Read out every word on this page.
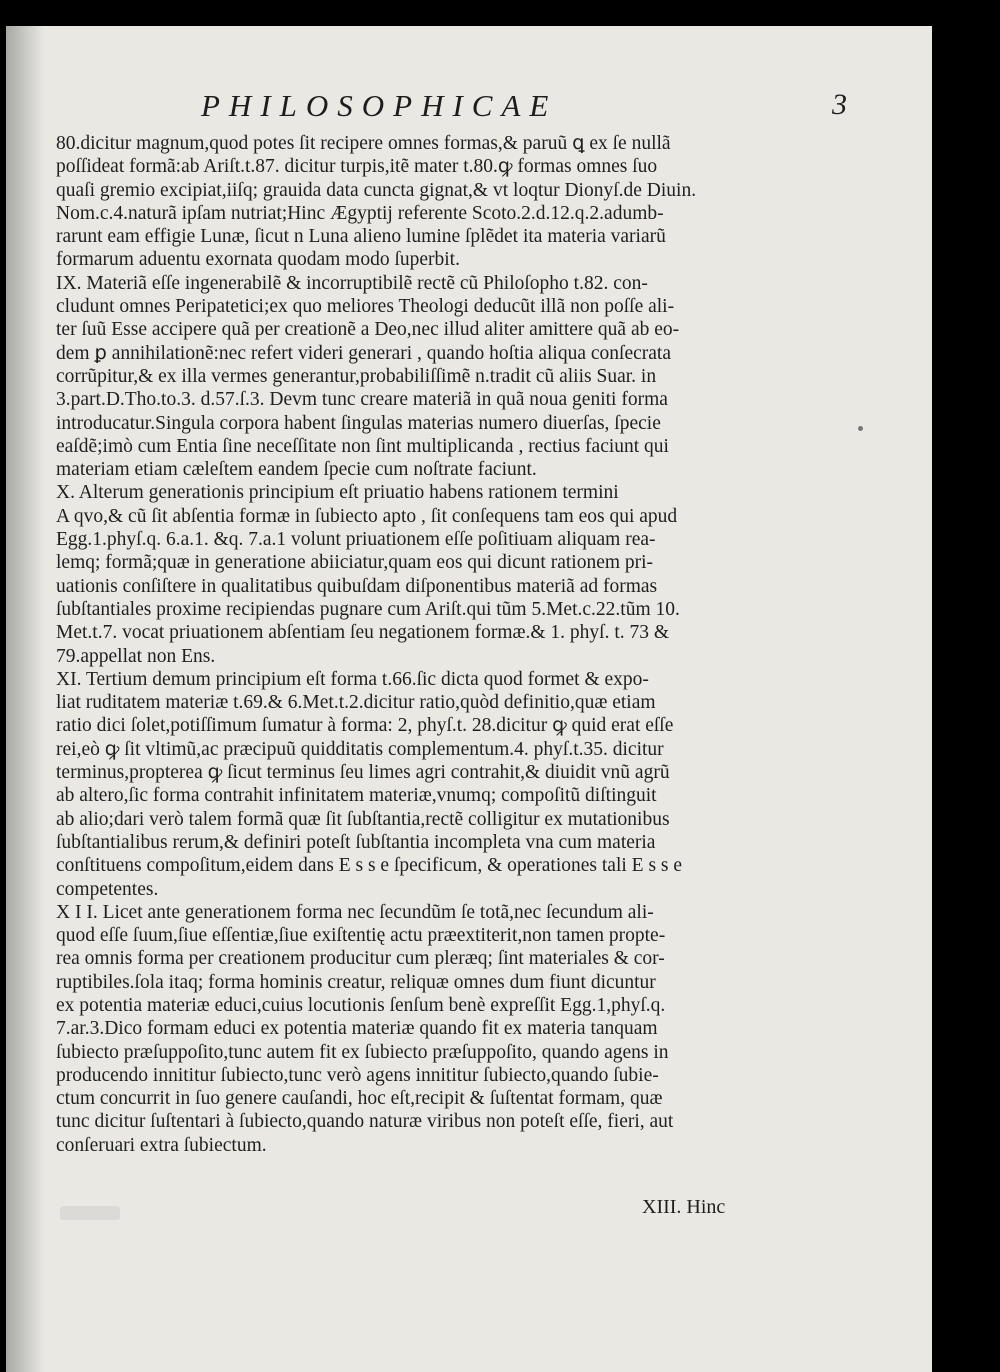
PHILOSOPHICAE	3
80.dicitur magnum,quod potes ſit recipere omnes formas,& paruũ ꝗ ex ſe nullã
poſſideat formã:ab Ariſt.t.87. dicitur turpis,itẽ mater t.80.ꝙ formas omnes ſuo
quaſi gremio excipiat,iiſq; grauida data cuncta gignat,& vt loqtur Dionyſ.de Diuin.
Nom.c.4.naturã ipſam nutriat;Hinc Ægyptij referente Scoto.2.d.12.q.2.adumb-
rarunt eam effigie Lunæ, ſicut n Luna alieno lumine ſplẽdet ita materia variarũ
formarum aduentu exornata quodam modo ſuperbit.
IX. Materiã eſſe ingenerabilẽ & incorruptibilẽ rectẽ cũ Philoſopho t.82. con-
cludunt omnes Peripatetici;ex quo meliores Theologi deducũt illã non poſſe ali-
ter ſuũ Esse accipere quã per creationẽ a Deo,nec illud aliter amittere quã ab eo-
dem ꝑ annihilationẽ:nec refert videri generari , quando hoſtia aliqua conſecrata
corrũpitur,& ex illa vermes generantur,probabiliſſimẽ n.tradit cũ aliis Suar. in
3.part.D.Tho.to.3. d.57.ſ.3. Devm tunc creare materiã in quã noua geniti forma
introducatur.Singula corpora habent ſingulas materias numero diuerſas, ſpecie
eaſdẽ;imò cum Entia ſine neceſſitate non ſint multiplicanda , rectius faciunt qui
materiam etiam cæleſtem eandem ſpecie cum noſtrate faciunt.
X. Alterum generationis principium eſt priuatio habens rationem termini
A qvo,& cũ ſit abſentia formæ in ſubiecto apto , ſit conſequens tam eos qui apud
Egg.1.phyſ.q. 6.a.1. &q. 7.a.1 volunt priuationem eſſe poſitiuam aliquam rea-
lemq; formã;quæ in generatione abiiciatur,quam eos qui dicunt rationem pri-
uationis conſiſtere in qualitatibus quibuſdam diſponentibus materiã ad formas
ſubſtantiales proxime recipiendas pugnare cum Ariſt.qui tũm 5.Met.c.22.tũm 10.
Met.t.7. vocat priuationem abſentiam ſeu negationem formæ.& 1. phyſ. t. 73 &
79.appellat non Ens.
XI. Tertium demum principium eſt forma t.66.ſic dicta quod formet & expo-
liat ruditatem materiæ t.69.& 6.Met.t.2.dicitur ratio,quòd definitio,quæ etiam
ratio dici ſolet,potiſſimum ſumatur à forma: 2, phyſ.t. 28.dicitur ꝙ quid erat eſſe
rei,eò ꝙ ſit vltimũ,ac præcipuũ quidditatis complementum.4. phyſ.t.35. dicitur
terminus,propterea ꝙ ſicut terminus ſeu limes agri contrahit,& diuidit vnũ agrũ
ab altero,ſic forma contrahit infinitatem materiæ,vnumq; compoſitũ diſtinguit
ab alio;dari verò talem formã quæ ſit ſubſtantia,rectẽ colligitur ex mutationibus
ſubſtantialibus rerum,& definiri poteſt ſubſtantia incompleta vna cum materia
conſtituens compoſitum,eidem dans E s s e ſpecificum, & operationes tali E s s e
competentes.
X I I. Licet ante generationem forma nec ſecundũm ſe totã,nec ſecundum ali-
quod eſſe ſuum,ſiue eſſentiæ,ſiue exiſtentię actu præextiterit,non tamen propte-
rea omnis forma per creationem producitur cum pleræq; ſint materiales & cor-
ruptibiles.ſola itaq; forma hominis creatur, reliquæ omnes dum fiunt dicuntur
ex potentia materiæ educi,cuius locutionis ſenſum benè expreſſit Egg.1,phyſ.q.
7.ar.3.Dico formam educi ex potentia materiæ quando fit ex materia tanquam
ſubiecto præſuppoſito,tunc autem fit ex ſubiecto præſuppoſito, quando agens in
producendo innititur ſubiecto,tunc verò agens innititur ſubiecto,quando ſubie-
ctum concurrit in ſuo genere cauſandi, hoc eſt,recipit & ſuſtentat formam, quæ
tunc dicitur ſuſtentari à ſubiecto,quando naturæ viribus non poteſt eſſe, fieri, aut
conſeruari extra ſubiectum.
XIII. Hinc
